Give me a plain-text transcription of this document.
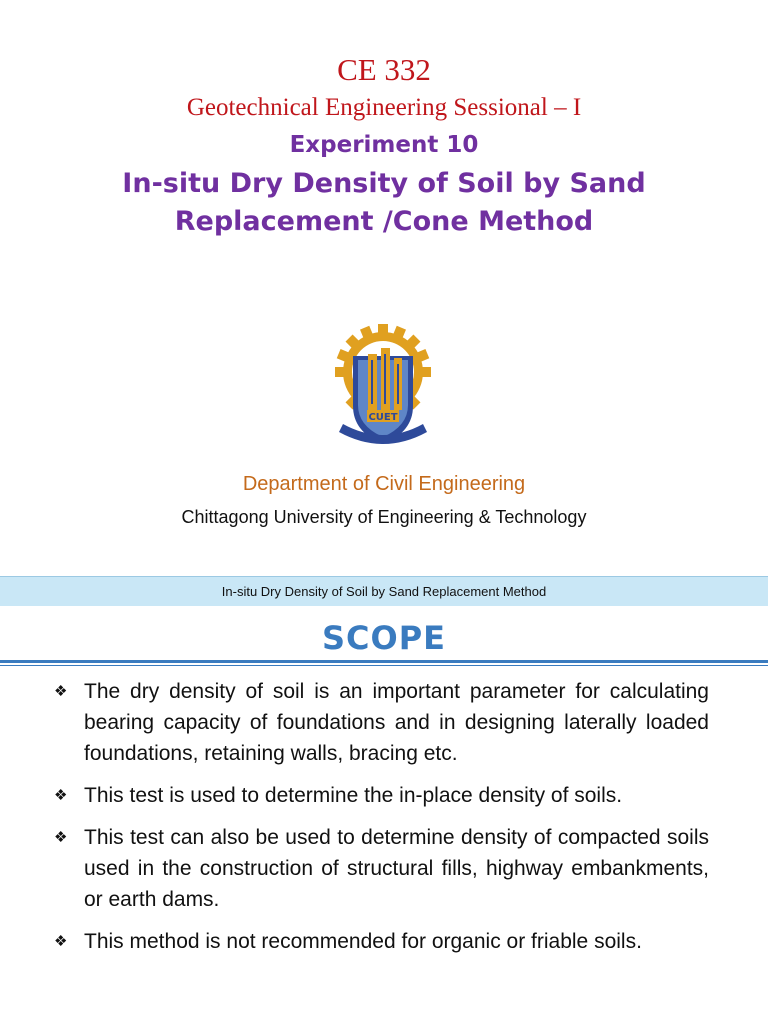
CE 332
Geotechnical Engineering Sessional – I
Experiment 10
In-situ Dry Density of Soil by Sand
Replacement /Cone Method
CUET
Department of Civil Engineering
Chittagong University of Engineering & Technology
In-situ Dry Density of Soil by Sand Replacement Method
SCOPE
❖ The dry density of soil is an important parameter for calculating bearing capacity of foundations and in designing laterally loaded foundations, retaining walls, bracing etc.
❖ This test is used to determine the in-place density of soils.
❖ This test can also be used to determine density of compacted soils used in the construction of structural fills, highway embankments, or earth dams.
❖ This method is not recommended for organic or friable soils.
